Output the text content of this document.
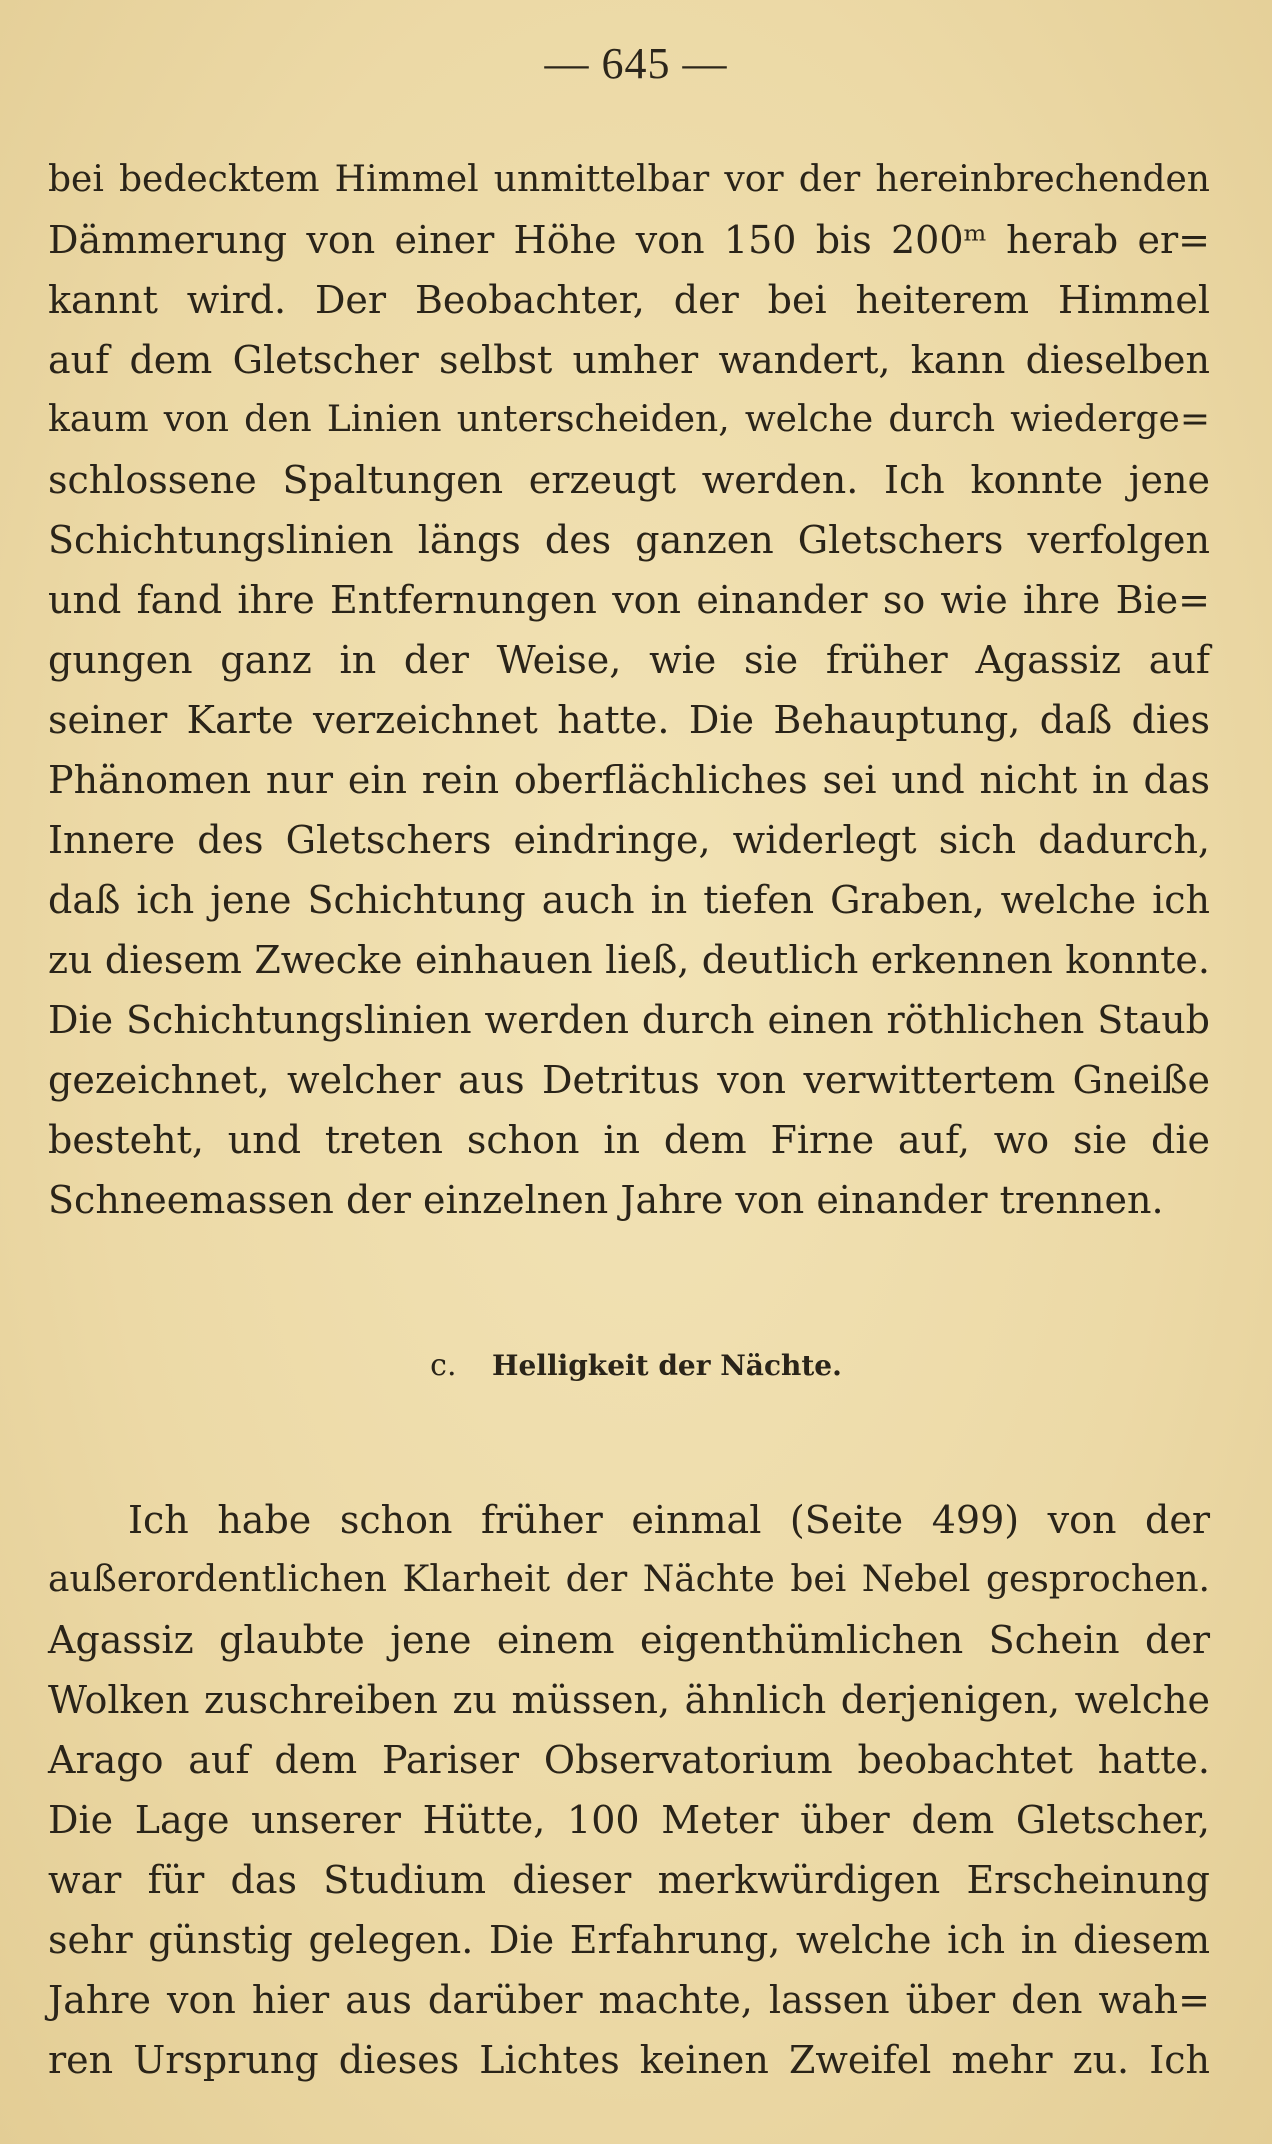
— 645 —
bei bedecktem Himmel unmittelbar vor der hereinbrechenden
Dämmerung von einer Höhe von 150 bis 200ᵐ herab er=
kannt wird. Der Beobachter, der bei heiterem Himmel
auf dem Gletscher selbst umher wandert, kann dieselben
kaum von den Linien unterscheiden, welche durch wiederge=
schlossene Spaltungen erzeugt werden. Ich konnte jene
Schichtungslinien längs des ganzen Gletschers verfolgen
und fand ihre Entfernungen von einander so wie ihre Bie=
gungen ganz in der Weise, wie sie früher Agassiz auf
seiner Karte verzeichnet hatte. Die Behauptung, daß dies
Phänomen nur ein rein oberflächliches sei und nicht in das
Innere des Gletschers eindringe, widerlegt sich dadurch,
daß ich jene Schichtung auch in tiefen Graben, welche ich
zu diesem Zwecke einhauen ließ, deutlich erkennen konnte.
Die Schichtungslinien werden durch einen röthlichen Staub
gezeichnet, welcher aus Detritus von verwittertem Gneiße
besteht, und treten schon in dem Firne auf, wo sie die
Schneemassen der einzelnen Jahre von einander trennen.
c. Helligkeit der Nächte.
Ich habe schon früher einmal (Seite 499) von der
außerordentlichen Klarheit der Nächte bei Nebel gesprochen.
Agassiz glaubte jene einem eigenthümlichen Schein der
Wolken zuschreiben zu müssen, ähnlich derjenigen, welche
Arago auf dem Pariser Observatorium beobachtet hatte.
Die Lage unserer Hütte, 100 Meter über dem Gletscher,
war für das Studium dieser merkwürdigen Erscheinung
sehr günstig gelegen. Die Erfahrung, welche ich in diesem
Jahre von hier aus darüber machte, lassen über den wah=
ren Ursprung dieses Lichtes keinen Zweifel mehr zu. Ich
